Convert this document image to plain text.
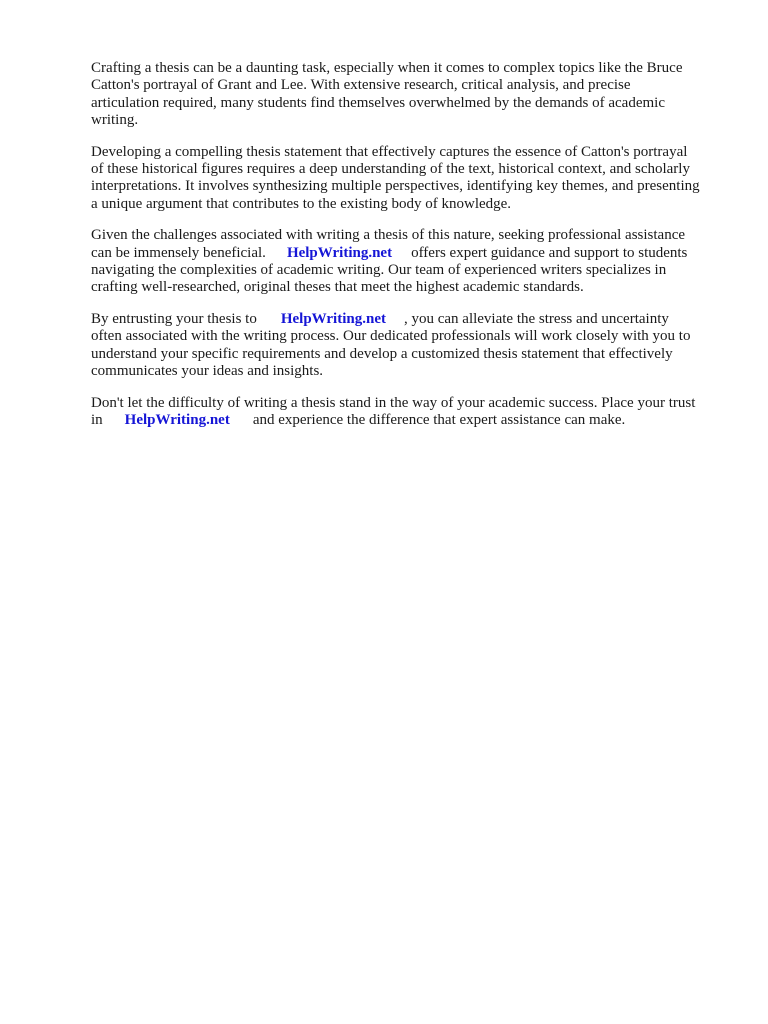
Crafting a thesis can be a daunting task, especially when it comes to complex topics like the Bruce
Catton's portrayal of Grant and Lee. With extensive research, critical analysis, and precise
articulation required, many students find themselves overwhelmed by the demands of academic
writing.
Developing a compelling thesis statement that effectively captures the essence of Catton's portrayal
of these historical figures requires a deep understanding of the text, historical context, and scholarly
interpretations. It involves synthesizing multiple perspectives, identifying key themes, and presenting
a unique argument that contributes to the existing body of knowledge.
Given the challenges associated with writing a thesis of this nature, seeking professional assistance
can be immensely beneficial. HelpWriting.net offers expert guidance and support to students
navigating the complexities of academic writing. Our team of experienced writers specializes in
crafting well-researched, original theses that meet the highest academic standards.
By entrusting your thesis to HelpWriting.net , you can alleviate the stress and uncertainty
often associated with the writing process. Our dedicated professionals will work closely with you to
understand your specific requirements and develop a customized thesis statement that effectively
communicates your ideas and insights.
Don't let the difficulty of writing a thesis stand in the way of your academic success. Place your trust
in HelpWriting.net and experience the difference that expert assistance can make.
